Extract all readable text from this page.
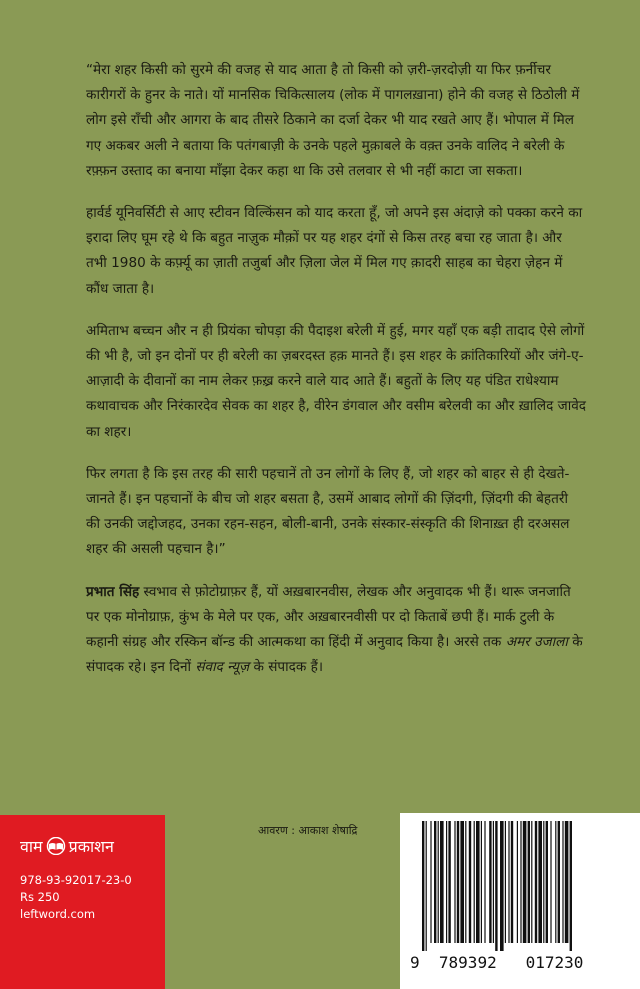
“मेरा शहर किसी को सुरमे की वजह से याद आता है तो किसी को ज़री-ज़रदोज़ी या फिर फ़र्नीचर कारीगरों के हुनर के नाते। यों मानसिक चिकित्सालय (लोक में पागलख़ाना) होने की वजह से ठिठोली में लोग इसे राँची और आगरा के बाद तीसरे ठिकाने का दर्जा देकर भी याद रखते आए हैं। भोपाल में मिल गए अकबर अली ने बताया कि पतंगबाज़ी के उनके पहले मुक़ाबले के वक़्त उनके वालिद ने बरेली के रफ़्फ़न उस्ताद का बनाया माँझा देकर कहा था कि उसे तलवार से भी नहीं काटा जा सकता।

हार्वर्ड यूनिवर्सिटी से आए स्टीवन विल्किंसन को याद करता हूँ, जो अपने इस अंदाज़े को पक्का करने का इरादा लिए घूम रहे थे कि बहुत नाज़ुक मौक़ों पर यह शहर दंगों से किस तरह बचा रह जाता है। और तभी 1980 के कर्फ़्यू का ज़ाती तजुर्बा और ज़िला जेल में मिल गए क़ादरी साहब का चेहरा ज़ेहन में कौंध जाता है।

अमिताभ बच्चन और न ही प्रियंका चोपड़ा की पैदाइश बरेली में हुई, मगर यहाँ एक बड़ी तादाद ऐसे लोगों की भी है, जो इन दोनों पर ही बरेली का ज़बरदस्त हक़ मानते हैं। इस शहर के क्रांतिकारियों और जंगे-ए-आज़ादी के दीवानों का नाम लेकर फ़ख़्र करने वाले याद आते हैं। बहुतों के लिए यह पंडित राधेश्याम कथावाचक और निरंकारदेव सेवक का शहर है, वीरेन डंगवाल और वसीम बरेलवी का और ख़ालिद जावेद का शहर।

फिर लगता है कि इस तरह की सारी पहचानें तो उन लोगों के लिए हैं, जो शहर को बाहर से ही देखते-जानते हैं। इन पहचानों के बीच जो शहर बसता है, उसमें आबाद लोगों की ज़िंदगी, ज़िंदगी की बेहतरी की उनकी जद्दोजहद, उनका रहन-सहन, बोली-बानी, उनके संस्कार-संस्कृति की शिनाख़्त ही दरअसल शहर की असली पहचान है।”

प्रभात सिंह स्वभाव से फ़ोटोग्राफ़र हैं, यों अख़बारनवीस, लेखक और अनुवादक भी हैं। थारू जनजाति पर एक मोनोग्राफ़, कुंभ के मेले पर एक, और अख़बारनवीसी पर दो किताबें छपी हैं। मार्क टुली के कहानी संग्रह और रस्किन बॉन्ड की आत्मकथा का हिंदी में अनुवाद किया है। अरसे तक अमर उजाला के संपादक रहे। इन दिनों संवाद न्यूज़ के संपादक हैं।

वाम प्रकाशन
978-93-92017-23-0
Rs 250
leftword.com
आवरण : आकाश शेषाद्रि
9 789392 017230
